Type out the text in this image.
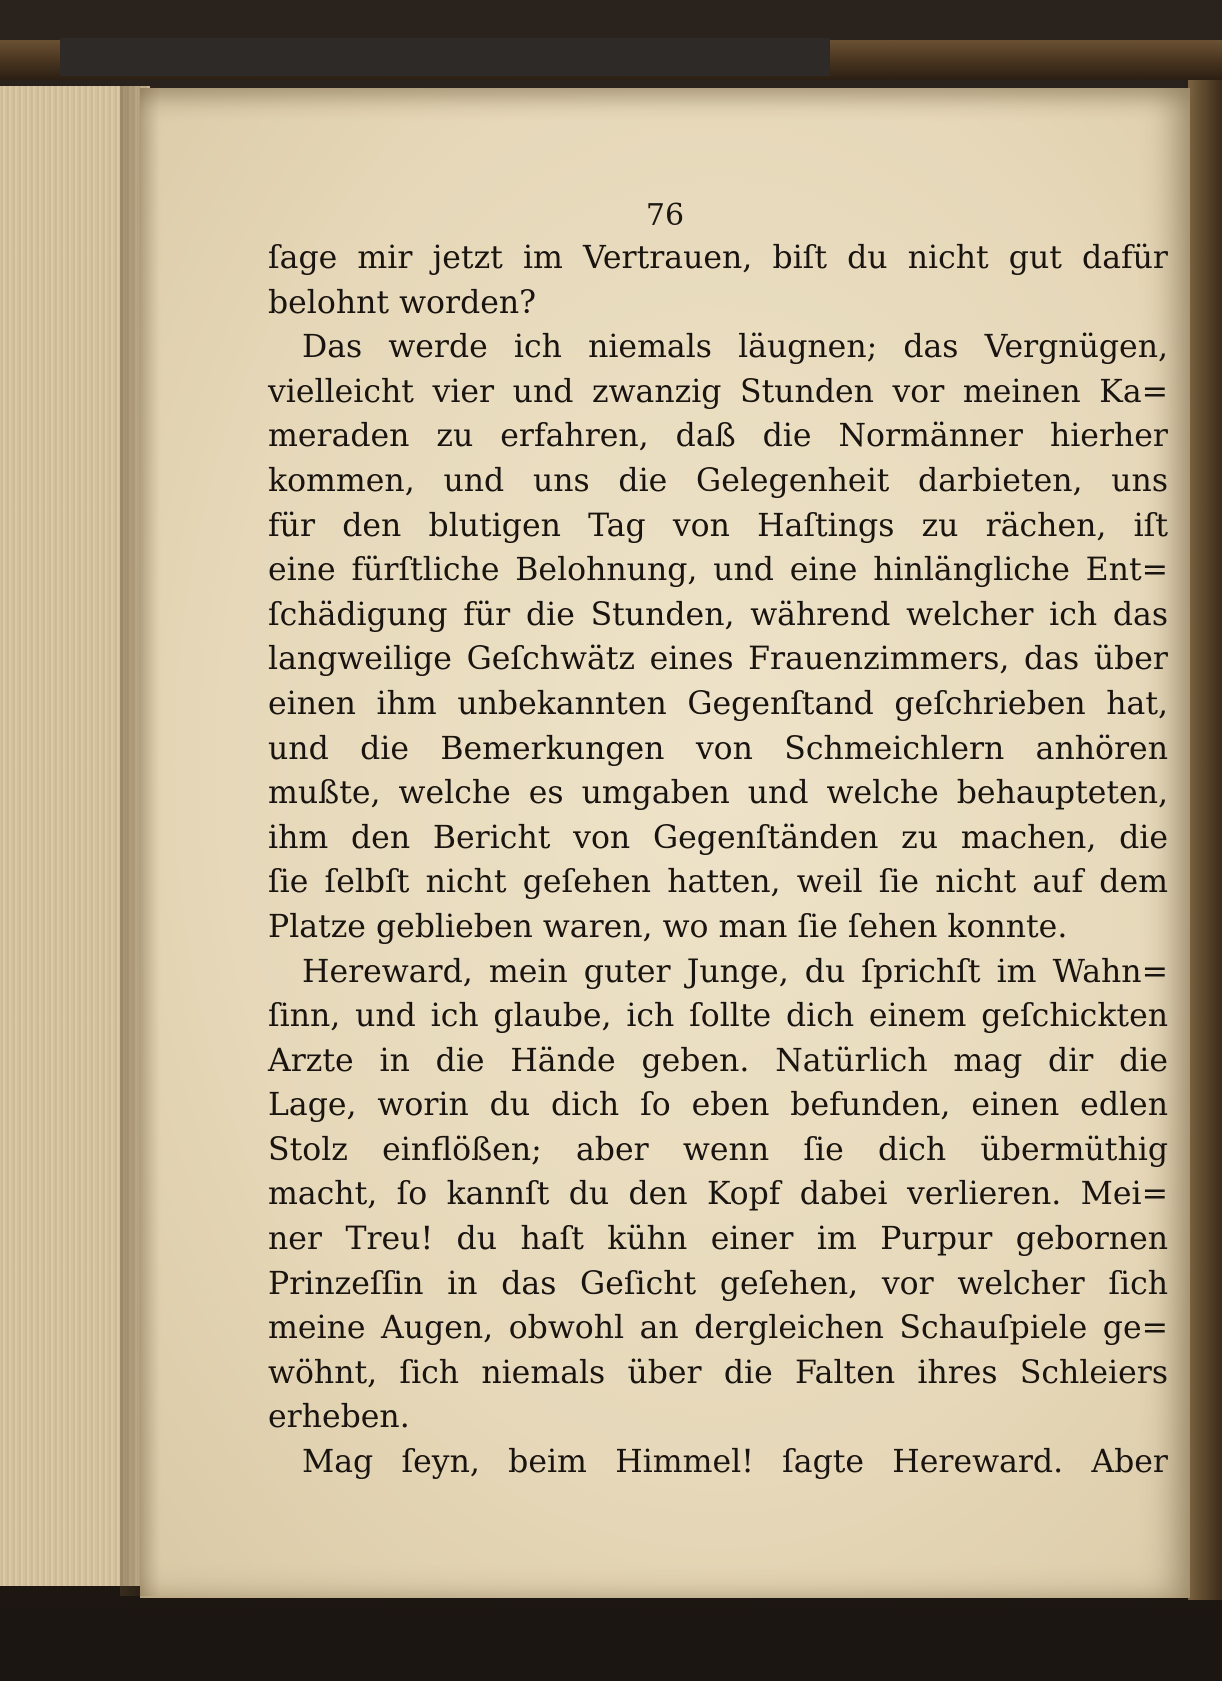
76
ſage mir jetzt im Vertrauen, biſt du nicht gut dafür
belohnt worden?
Das werde ich niemals läugnen; das Vergnügen,
vielleicht vier und zwanzig Stunden vor meinen Ka=
meraden zu erfahren, daß die Normänner hierher
kommen, und uns die Gelegenheit darbieten, uns
für den blutigen Tag von Haſtings zu rächen, iſt
eine fürſtliche Belohnung, und eine hinlängliche Ent=
ſchädigung für die Stunden, während welcher ich das
langweilige Geſchwätz eines Frauenzimmers, das über
einen ihm unbekannten Gegenſtand geſchrieben hat,
und die Bemerkungen von Schmeichlern anhören
mußte, welche es umgaben und welche behaupteten,
ihm den Bericht von Gegenſtänden zu machen, die
ſie ſelbſt nicht geſehen hatten, weil ſie nicht auf dem
Platze geblieben waren, wo man ſie ſehen konnte.
Hereward, mein guter Junge, du ſprichſt im Wahn=
ſinn, und ich glaube, ich ſollte dich einem geſchickten
Arzte in die Hände geben. Natürlich mag dir die
Lage, worin du dich ſo eben befunden, einen edlen
Stolz einflößen; aber wenn ſie dich übermüthig
macht, ſo kannſt du den Kopf dabei verlieren. Mei=
ner Treu! du haſt kühn einer im Purpur gebornen
Prinzeſſin in das Geſicht geſehen, vor welcher ſich
meine Augen, obwohl an dergleichen Schauſpiele ge=
wöhnt, ſich niemals über die Falten ihres Schleiers
erheben.
Mag ſeyn, beim Himmel! ſagte Hereward. Aber
